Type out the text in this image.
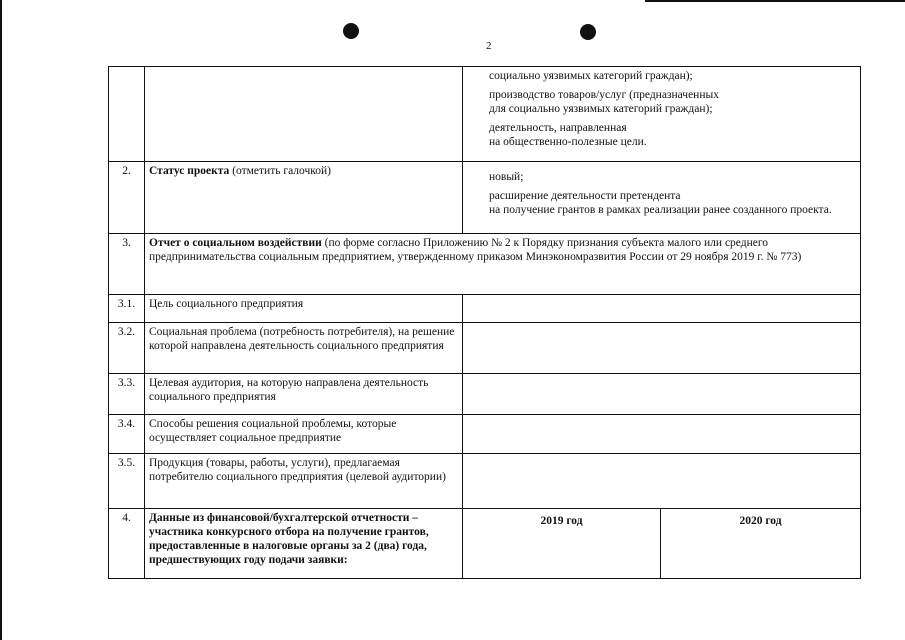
2

		социально уязвимых категорий граждан);
производство товаров/услуг (предназначенных
для социально уязвимых категорий граждан);
деятельность, направленная
на общественно-полезные цели.	

2.	Статус проекта (отметить галочкой)	новый;
расширение деятельности претендента
на получение грантов в рамках реализации ранее созданного проекта.	

3.	Отчет о социальном воздействии (по форме согласно Приложению № 2 к Порядку признания субъекта малого или среднего предпринимательства социальным предприятием, утвержденному приказом Минэкономразвития России от 29 ноября 2019 г. № 773)		
3.1.	Цель социального предприятия		
3.2.	Социальная проблема (потребность потребителя), на решение которой направлена деятельность социального предприятия		
3.3.	Целевая аудитория, на которую направлена деятельность социального предприятия		
3.4.	Способы решения социальной проблемы, которые осуществляет социальное предприятие		
3.5.	Продукция (товары, работы, услуги), предлагаемая потребителю социального предприятия (целевой аудитории)		
4.	Данные из финансовой/бухгалтерской отчетности – участника конкурсного отбора на получение грантов, предоставленные в налоговые органы за 2 (два) года, предшествующих году подачи заявки:	2019 год	2020 год
